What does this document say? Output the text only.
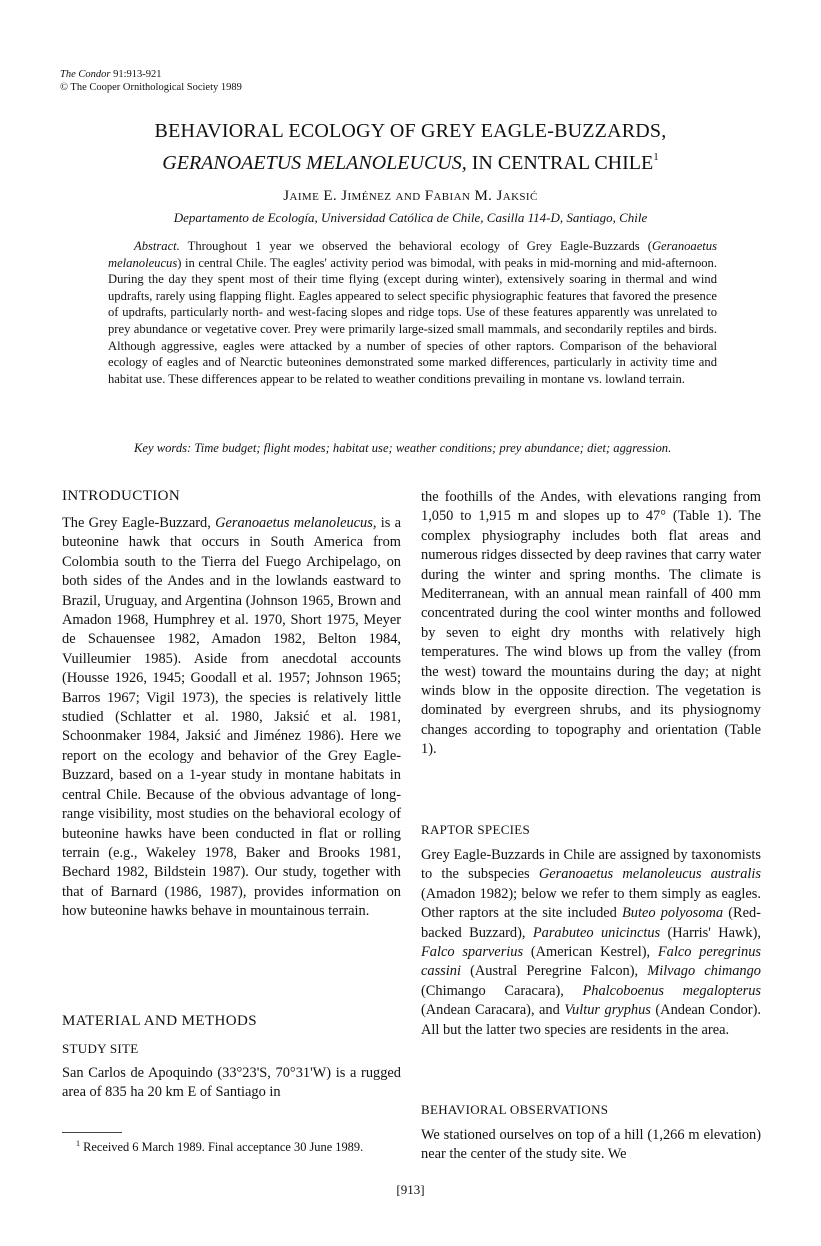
The Condor 91:913-921
© The Cooper Ornithological Society 1989
BEHAVIORAL ECOLOGY OF GREY EAGLE-BUZZARDS,
GERANOAETUS MELANOLEUCUS, IN CENTRAL CHILE$^1$
Jaime E. Jiménez and Fabian M. Jaksić
Departamento de Ecología, Universidad Católica de Chile, Casilla 114-D, Santiago, Chile

Abstract. Throughout 1 year we observed the behavioral ecology of Grey Eagle-Buzzards (Geranoaetus melanoleucus) in central Chile. The eagles' activity period was bimodal, with peaks in mid-morning and mid-afternoon. During the day they spent most of their time flying (except during winter), extensively soaring in thermal and wind updrafts, rarely using flapping flight. Eagles appeared to select specific physiographic features that favored the presence of updrafts, particularly north- and west-facing slopes and ridge tops. Use of these features apparently was unrelated to prey abundance or vegetative cover. Prey were primarily large-sized small mammals, and secondarily reptiles and birds. Although aggressive, eagles were attacked by a number of species of other raptors. Comparison of the behavioral ecology of eagles and of Nearctic buteonines demonstrated some marked differences, particularly in activity time and habitat use. These differences appear to be related to weather conditions prevailing in montane vs. lowland terrain.

Key words: Time budget; flight modes; habitat use; weather conditions; prey abundance; diet; aggression.

INTRODUCTION

The Grey Eagle-Buzzard, Geranoaetus melanoleucus, is a buteonine hawk that occurs in South America from Colombia south to the Tierra del Fuego Archipelago, on both sides of the Andes and in the lowlands eastward to Brazil, Uruguay, and Argentina (Johnson 1965, Brown and Amadon 1968, Humphrey et al. 1970, Short 1975, Meyer de Schauensee 1982, Amadon 1982, Belton 1984, Vuilleumier 1985). Aside from anecdotal accounts (Housse 1926, 1945; Goodall et al. 1957; Johnson 1965; Barros 1967; Vigil 1973), the species is relatively little studied (Schlatter et al. 1980, Jaksić et al. 1981, Schoonmaker 1984, Jaksić and Jiménez 1986). Here we report on the ecology and behavior of the Grey Eagle-Buzzard, based on a 1-year study in montane habitats in central Chile. Because of the obvious advantage of long-range visibility, most studies on the behavioral ecology of buteonine hawks have been conducted in flat or rolling terrain (e.g., Wakeley 1978, Baker and Brooks 1981, Bechard 1982, Bildstein 1987). Our study, together with that of Barnard (1986, 1987), provides information on how buteonine hawks behave in mountainous terrain.

MATERIAL AND METHODS
STUDY SITE

San Carlos de Apoquindo (33°23'S, 70°31'W) is a rugged area of 835 ha 20 km E of Santiago in

$^1$ Received 6 March 1989. Final acceptance 30 June 1989.

the foothills of the Andes, with elevations ranging from 1,050 to 1,915 m and slopes up to 47° (Table 1). The complex physiography includes both flat areas and numerous ridges dissected by deep ravines that carry water during the winter and spring months. The climate is Mediterranean, with an annual mean rainfall of 400 mm concentrated during the cool winter months and followed by seven to eight dry months with relatively high temperatures. The wind blows up from the valley (from the west) toward the mountains during the day; at night winds blow in the opposite direction. The vegetation is dominated by evergreen shrubs, and its physiognomy changes according to topography and orientation (Table 1).

RAPTOR SPECIES

Grey Eagle-Buzzards in Chile are assigned by taxonomists to the subspecies Geranoaetus melanoleucus australis (Amadon 1982); below we refer to them simply as eagles. Other raptors at the site included Buteo polyosoma (Red-backed Buzzard), Parabuteo unicinctus (Harris' Hawk), Falco sparverius (American Kestrel), Falco peregrinus cassini (Austral Peregrine Falcon), Milvago chimango (Chimango Caracara), Phalcoboenus megalopterus (Andean Caracara), and Vultur gryphus (Andean Condor). All but the latter two species are residents in the area.

BEHAVIORAL OBSERVATIONS

We stationed ourselves on top of a hill (1,266 m elevation) near the center of the study site. We

[913]
